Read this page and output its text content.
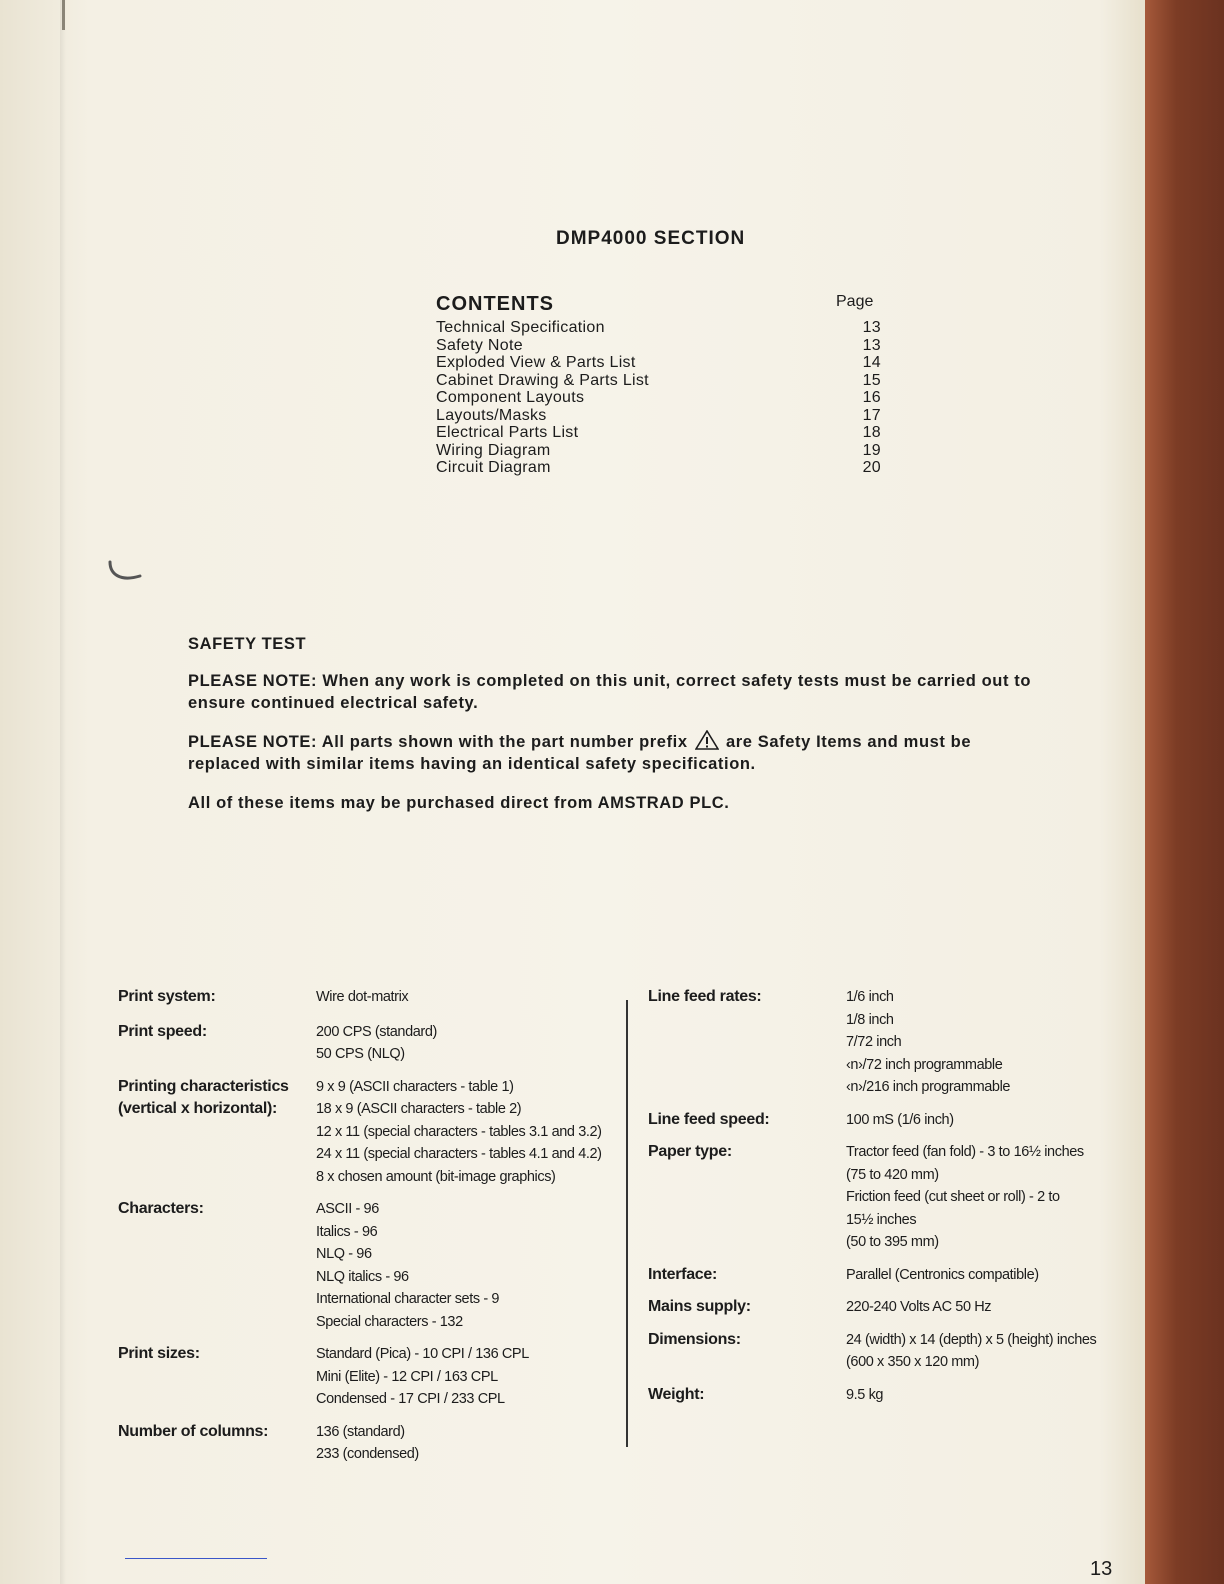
DMP4000 SECTION
CONTENTS	Page
Technical Specification	13
Safety Note	13
Exploded View & Parts List	14
Cabinet Drawing & Parts List	15
Component Layouts	16
Layouts/Masks	17
Electrical Parts List	18
Wiring Diagram	19
Circuit Diagram	20
SAFETY TEST
PLEASE NOTE: When any work is completed on this unit, correct safety tests must be carried out to ensure continued electrical safety.
PLEASE NOTE: All parts shown with the part number prefix are Safety Items and must be replaced with similar items having an identical safety specification.
All of these items may be purchased direct from AMSTRAD PLC.
Print system:	Wire dot-matrix
Print speed:	200 CPS (standard)
50 CPS (NLQ)
Printing characteristics (vertical x horizontal):
9 x 9 (ASCII characters - table 1)
18 x 9 (ASCII characters - table 2)
12 x 11 (special characters - tables 3.1 and 3.2)
24 x 11 (special characters - tables 4.1 and 4.2)
8 x chosen amount (bit-image graphics)
Characters:	ASCII - 96
Italics - 96
NLQ - 96
NLQ italics - 96
International character sets - 9
Special characters - 132
Print sizes:	Standard (Pica) - 10 CPI / 136 CPL
Mini (Elite) - 12 CPI / 163 CPL
Condensed - 17 CPI / 233 CPL
Number of columns:	136 (standard)
233 (condensed)
Line feed rates:	1/6 inch
1/8 inch
7/72 inch
‹n›/72 inch programmable
‹n›/216 inch programmable
Line feed speed:	100 mS (1/6 inch)
Paper type:	Tractor feed (fan fold) - 3 to 16½ inches
(75 to 420 mm)
Friction feed (cut sheet or roll) - 2 to
15½ inches
(50 to 395 mm)
Interface:	Parallel (Centronics compatible)
Mains supply:	220-240 Volts AC 50 Hz
Dimensions:	24 (width) x 14 (depth) x 5 (height) inches
(600 x 350 x 120 mm)
Weight:	9.5 kg
13
